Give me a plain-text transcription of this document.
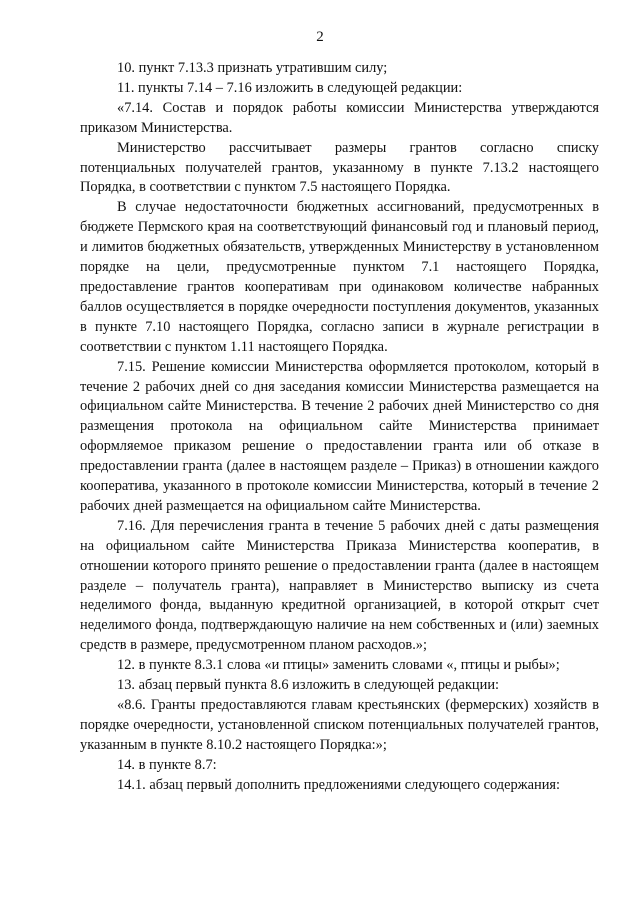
2

10. пункт 7.13.3 признать утратившим силу;

11. пункты 7.14 – 7.16 изложить в следующей редакции:

«7.14. Состав и порядок работы комиссии Министерства утверждаются приказом Министерства.

Министерство рассчитывает размеры грантов согласно списку потенциальных получателей грантов, указанному в пункте 7.13.2 настоящего Порядка, в соответствии с пунктом 7.5 настоящего Порядка.

В случае недостаточности бюджетных ассигнований, предусмотренных в бюджете Пермского края на соответствующий финансовый год и плановый период, и лимитов бюджетных обязательств, утвержденных Министерству в установленном порядке на цели, предусмотренные пунктом 7.1 настоящего Порядка, предоставление грантов кооперативам при одинаковом количестве набранных баллов осуществляется в порядке очередности поступления документов, указанных в пункте 7.10 настоящего Порядка, согласно записи в журнале регистрации в соответствии с пунктом 1.11 настоящего Порядка.

7.15. Решение комиссии Министерства оформляется протоколом, который в течение 2 рабочих дней со дня заседания комиссии Министерства размещается на официальном сайте Министерства. В течение 2 рабочих дней Министерство со дня размещения протокола на официальном сайте Министерства принимает оформляемое приказом решение о предоставлении гранта или об отказе в предоставлении гранта (далее в настоящем разделе – Приказ) в отношении каждого кооператива, указанного в протоколе комиссии Министерства, который в течение 2 рабочих дней размещается на официальном сайте Министерства.

7.16. Для перечисления гранта в течение 5 рабочих дней с даты размещения на официальном сайте Министерства Приказа Министерства кооператив, в отношении которого принято решение о предоставлении гранта (далее в настоящем разделе – получатель гранта), направляет в Министерство выписку из счета неделимого фонда, выданную кредитной организацией, в которой открыт счет неделимого фонда, подтверждающую наличие на нем собственных и (или) заемных средств в размере, предусмотренном планом расходов.»;

12. в пункте 8.3.1 слова «и птицы» заменить словами «, птицы и рыбы»;

13. абзац первый пункта 8.6 изложить в следующей редакции:

«8.6. Гранты предоставляются главам крестьянских (фермерских) хозяйств в порядке очередности, установленной списком потенциальных получателей грантов, указанным в пункте 8.10.2 настоящего Порядка:»;

14. в пункте 8.7:

14.1. абзац первый дополнить предложениями следующего содержания:
